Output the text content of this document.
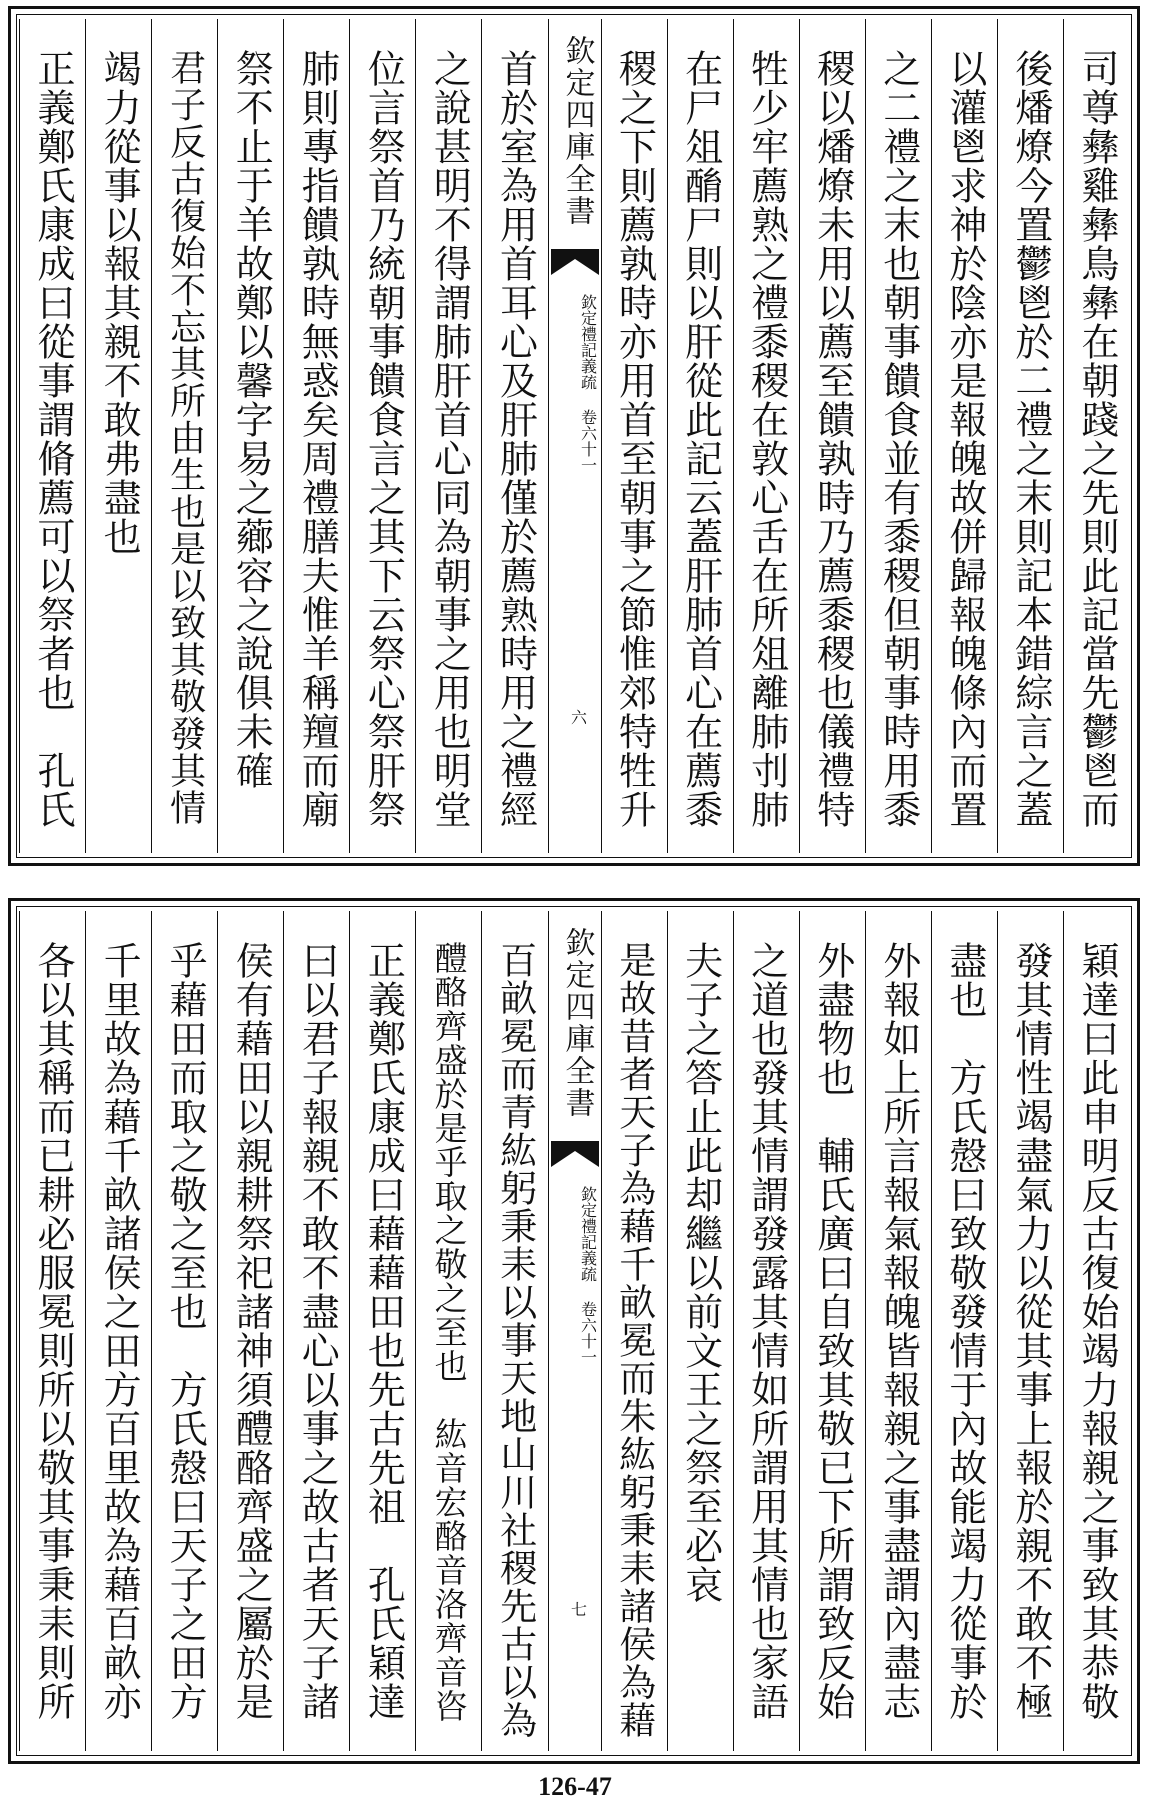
司尊彝雞彝鳥彝在朝踐之先則此記當先鬱鬯而
後燔燎今置鬱鬯於二禮之末則記本錯綜言之蓋
以灌鬯求神於陰亦是報魄故併歸報魄條內而置
之二禮之末也朝事饋食並有黍稷但朝事時用黍
稷以燔燎未用以薦至饋孰時乃薦黍稷也儀禮特
牲少牢薦熟之禮黍稷在敦心舌在所俎離肺刌肺
在尸俎酳尸則以肝從此記云蓋肝肺首心在薦黍
稷之下則薦孰時亦用首至朝事之節惟郊特牲升
欽定四庫全書
欽定禮記義疏 卷六十一
六
首於室為用首耳心及肝肺僅於薦熟時用之禮經
之說甚明不得謂肺肝首心同為朝事之用也明堂
位言祭首乃統朝事饋食言之其下云祭心祭肝祭
肺則專指饋孰時無惑矣周禮膳夫惟羊稱羶而廟
祭不止于羊故鄭以馨字易之薌容之說俱未確
君子反古復始不忘其所由生也是以致其敬發其情
竭力從事以報其親不敢弗盡也
正義鄭氏康成曰從事謂脩薦可以祭者也　孔氏
穎達曰此申明反古復始竭力報親之事致其恭敬
發其情性竭盡氣力以從其事上報於親不敢不極
盡也　方氏慤曰致敬發情于內故能竭力從事於
外報如上所言報氣報魄皆報親之事盡謂內盡志
外盡物也　輔氏廣曰自致其敬已下所謂致反始
之道也發其情謂發露其情如所謂用其情也家語
夫子之答止此却繼以前文王之祭至必哀
是故昔者天子為藉千畝冕而朱紘躬秉耒諸侯為藉
欽定四庫全書
欽定禮記義疏 卷六十一
七
百畝冕而青紘躬秉耒以事天地山川社稷先古以為
醴酪齊盛於是乎取之敬之至也　紘音宏酪音洛齊音咨
正義鄭氏康成曰藉藉田也先古先祖　孔氏穎達
曰以君子報親不敢不盡心以事之故古者天子諸
侯有藉田以親耕祭祀諸神須醴酪齊盛之屬於是
乎藉田而取之敬之至也　方氏慤曰天子之田方
千里故為藉千畝諸侯之田方百里故為藉百畝亦
各以其稱而已耕必服冕則所以敬其事秉耒則所
126-47
